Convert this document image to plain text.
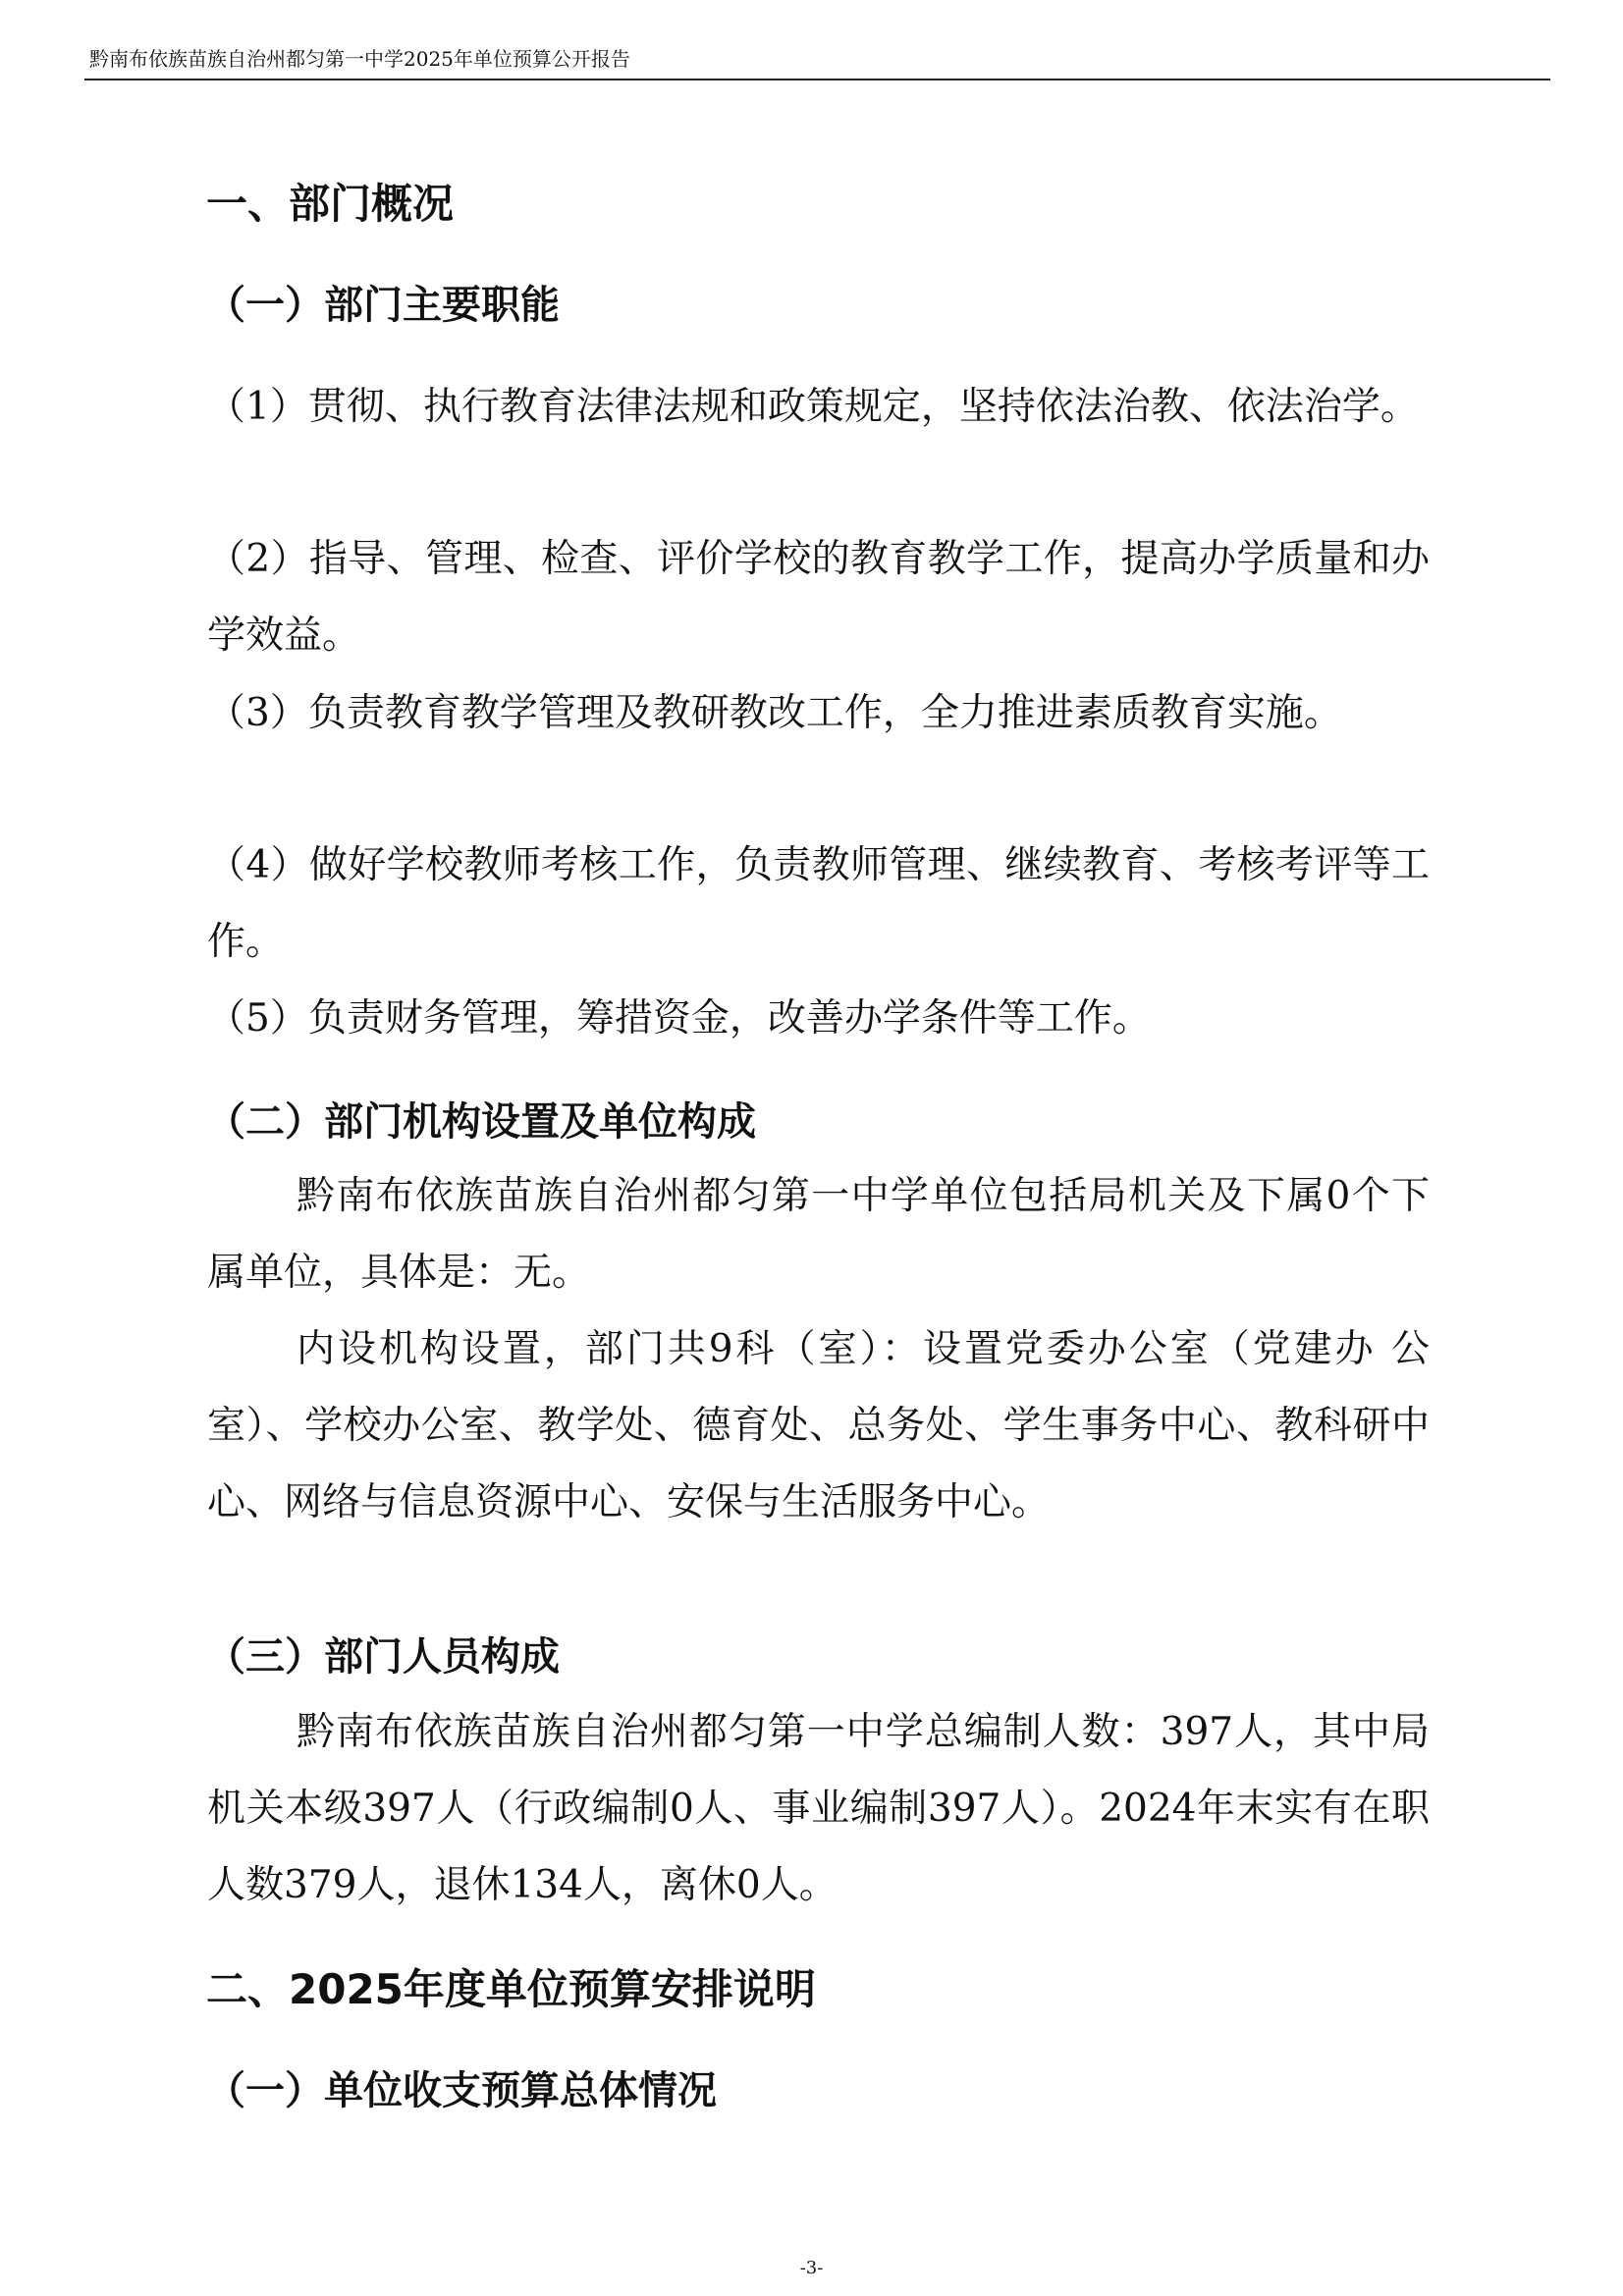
黔南布依族苗族自治州都匀第一中学2025年单位预算公开报告
一、部门概况
（一）部门主要职能
（1）贯彻、执行教育法律法规和政策规定，坚持依法治教、依法治学。
（2）指导、管理、检查、评价学校的教育教学工作，提高办学质量和办学效益。
（3）负责教育教学管理及教研教改工作，全力推进素质教育实施。
（4）做好学校教师考核工作，负责教师管理、继续教育、考核考评等工作。
（5）负责财务管理，筹措资金，改善办学条件等工作。
（二）部门机构设置及单位构成
黔南布依族苗族自治州都匀第一中学单位包括局机关及下属0个下属单位，具体是：无。
内设机构设置，部门共9科（室）：设置党委办公室（党建办 公室）、学校办公室、教学处、德育处、总务处、学生事务中心、教科研中心、网络与信息资源中心、安保与生活服务中心。
（三）部门人员构成
黔南布依族苗族自治州都匀第一中学总编制人数：397人，其中局机关本级397人（行政编制0人、事业编制397人）。2024年末实有在职人数379人，退休134人，离休0人。
二、2025年度单位预算安排说明
（一）单位收支预算总体情况
-3-
